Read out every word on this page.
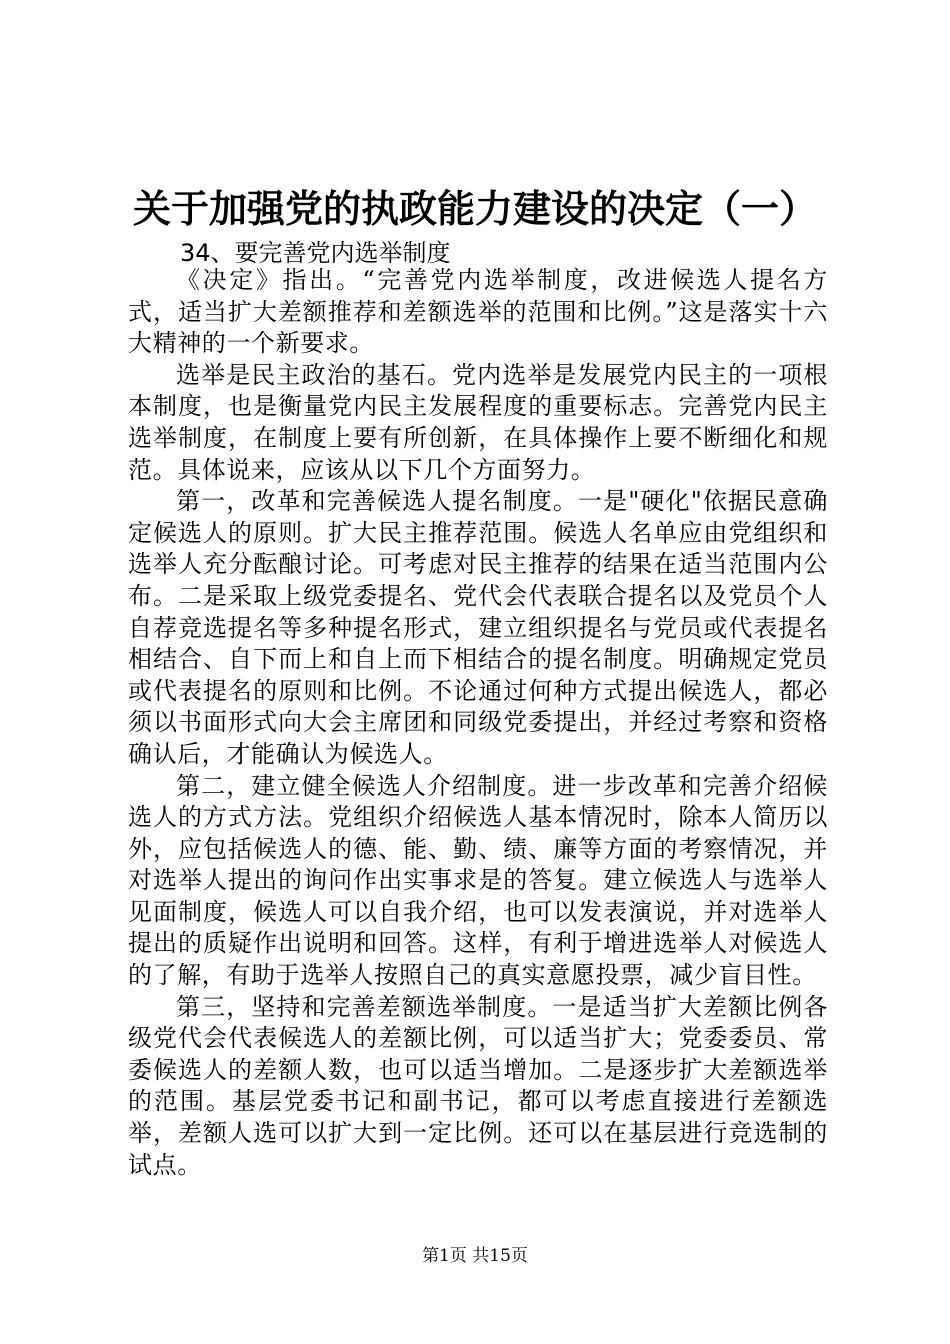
关于加强党的执政能力建设的决定（一）
34、要完善党内选举制度

《决定》指出。“完善党内选举制度，改进候选人提名方式，适当扩大差额推荐和差额选举的范围和比例。”这是落实十六大精神的一个新要求。

选举是民主政治的基石。党内选举是发展党内民主的一项根本制度，也是衡量党内民主发展程度的重要标志。完善党内民主选举制度，在制度上要有所创新，在具体操作上要不断细化和规范。具体说来，应该从以下几个方面努力。

第一，改革和完善候选人提名制度。一是"硬化"依据民意确定候选人的原则。扩大民主推荐范围。候选人名单应由党组织和选举人充分酝酿讨论。可考虑对民主推荐的结果在适当范围内公布。二是采取上级党委提名、党代会代表联合提名以及党员个人自荐竞选提名等多种提名形式，建立组织提名与党员或代表提名相结合、自下而上和自上而下相结合的提名制度。明确规定党员或代表提名的原则和比例。不论通过何种方式提出候选人，都必须以书面形式向大会主席团和同级党委提出，并经过考察和资格确认后，才能确认为候选人。

第二，建立健全候选人介绍制度。进一步改革和完善介绍候选人的方式方法。党组织介绍候选人基本情况时，除本人简历以外，应包括候选人的德、能、勤、绩、廉等方面的考察情况，并对选举人提出的询问作出实事求是的答复。建立候选人与选举人见面制度，候选人可以自我介绍，也可以发表演说，并对选举人提出的质疑作出说明和回答。这样，有利于增进选举人对候选人的了解，有助于选举人按照自己的真实意愿投票，减少盲目性。

第三，坚持和完善差额选举制度。一是适当扩大差额比例各级党代会代表候选人的差额比例，可以适当扩大；党委委员、常委候选人的差额人数，也可以适当增加。二是逐步扩大差额选举的范围。基层党委书记和副书记，都可以考虑直接进行差额选举，差额人选可以扩大到一定比例。还可以在基层进行竞选制的试点。

第1页 共15页
